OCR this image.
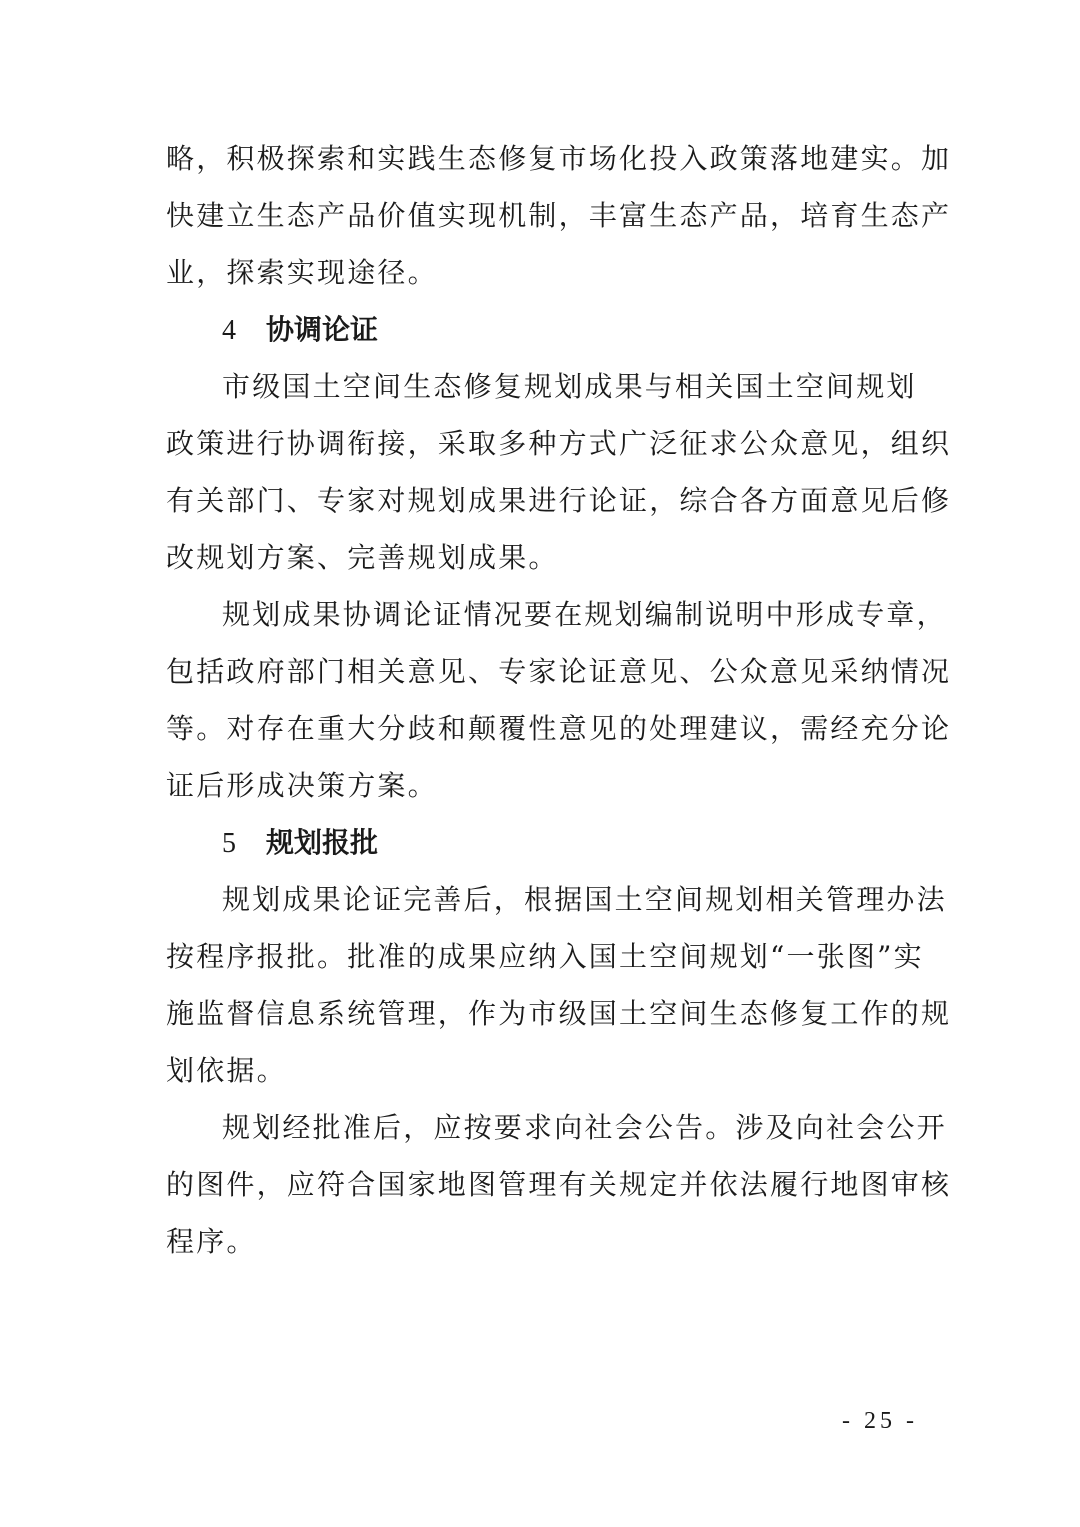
略，积极探索和实践生态修复市场化投入政策落地建实。加
快建立生态产品价值实现机制，丰富生态产品，培育生态产
业，探索实现途径。
4 协调论证
市级国土空间生态修复规划成果与相关国土空间规划
政策进行协调衔接，采取多种方式广泛征求公众意见，组织
有关部门、专家对规划成果进行论证，综合各方面意见后修
改规划方案、完善规划成果。
规划成果协调论证情况要在规划编制说明中形成专章，
包括政府部门相关意见、专家论证意见、公众意见采纳情况
等。对存在重大分歧和颠覆性意见的处理建议，需经充分论
证后形成决策方案。
5 规划报批
规划成果论证完善后，根据国土空间规划相关管理办法
按程序报批。批准的成果应纳入国土空间规划“一张图”实
施监督信息系统管理，作为市级国土空间生态修复工作的规
划依据。
规划经批准后，应按要求向社会公告。涉及向社会公开
的图件，应符合国家地图管理有关规定并依法履行地图审核
程序。
- 25 -
